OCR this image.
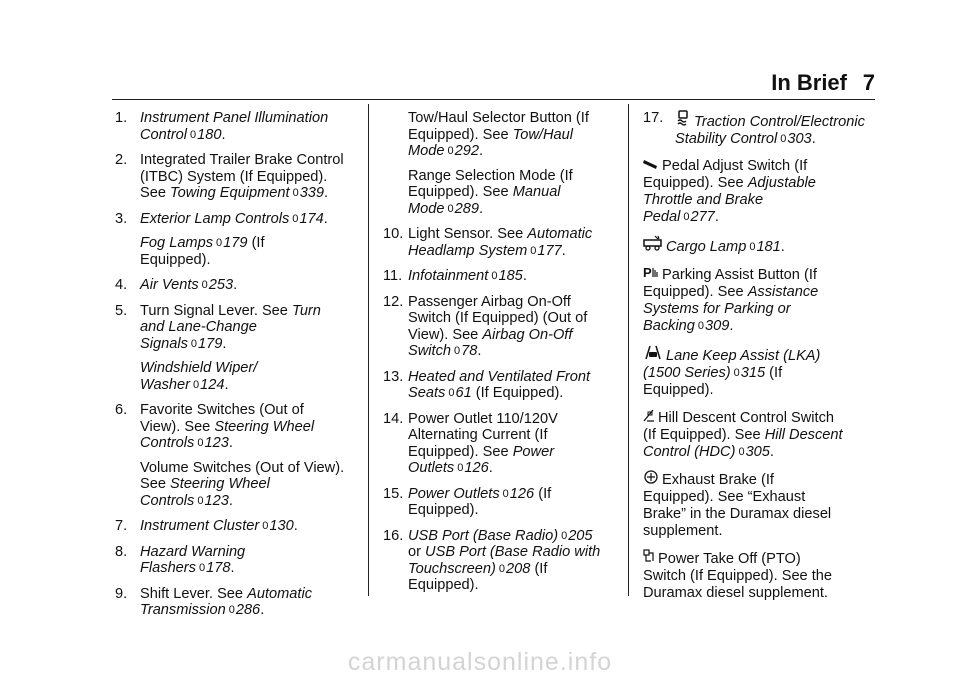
In Brief 7
1. Instrument Panel Illumination
Control 0180.
2. Integrated Trailer Brake Control
(ITBC) System (If Equipped).
See Towing Equipment 0339.
3. Exterior Lamp Controls 0174.
Fog Lamps 0179 (If
Equipped).
4. Air Vents 0253.
5. Turn Signal Lever. See Turn
and Lane-Change
Signals 0179.
Windshield Wiper/
Washer 0124.
6. Favorite Switches (Out of
View). See Steering Wheel
Controls 0123.
Volume Switches (Out of View).
See Steering Wheel
Controls 0123.
7. Instrument Cluster 0130.
8. Hazard Warning
Flashers 0178.
9. Shift Lever. See Automatic
Transmission 0286.
Tow/Haul Selector Button (If
Equipped). See Tow/Haul
Mode 0292.
Range Selection Mode (If
Equipped). See Manual
Mode 0289.
10. Light Sensor. See Automatic
Headlamp System 0177.
11. Infotainment 0185.
12. Passenger Airbag On-Off
Switch (If Equipped) (Out of
View). See Airbag On-Off
Switch 078.
13. Heated and Ventilated Front
Seats 061 (If Equipped).
14. Power Outlet 110/120V
Alternating Current (If
Equipped). See Power
Outlets 0126.
15. Power Outlets 0126 (If
Equipped).
16. USB Port (Base Radio) 0205
or USB Port (Base Radio with
Touchscreen) 0208 (If
Equipped).
17.	Traction Control/Electronic
Stability Control 0303.
Pedal Adjust Switch (If
Equipped). See Adjustable
Throttle and Brake
Pedal 0277.
Cargo Lamp 0181.
P Parking Assist Button (If
Equipped). See Assistance
Systems for Parking or
Backing 0309.
Lane Keep Assist (LKA)
(1500 Series) 0315 (If
Equipped).
Hill Descent Control Switch
(If Equipped). See Hill Descent
Control (HDC) 0305.
Exhaust Brake (If
Equipped). See “Exhaust
Brake” in the Duramax diesel
supplement.
Power Take Off (PTO)
Switch (If Equipped). See the
Duramax diesel supplement.
carmanualsonline.info
